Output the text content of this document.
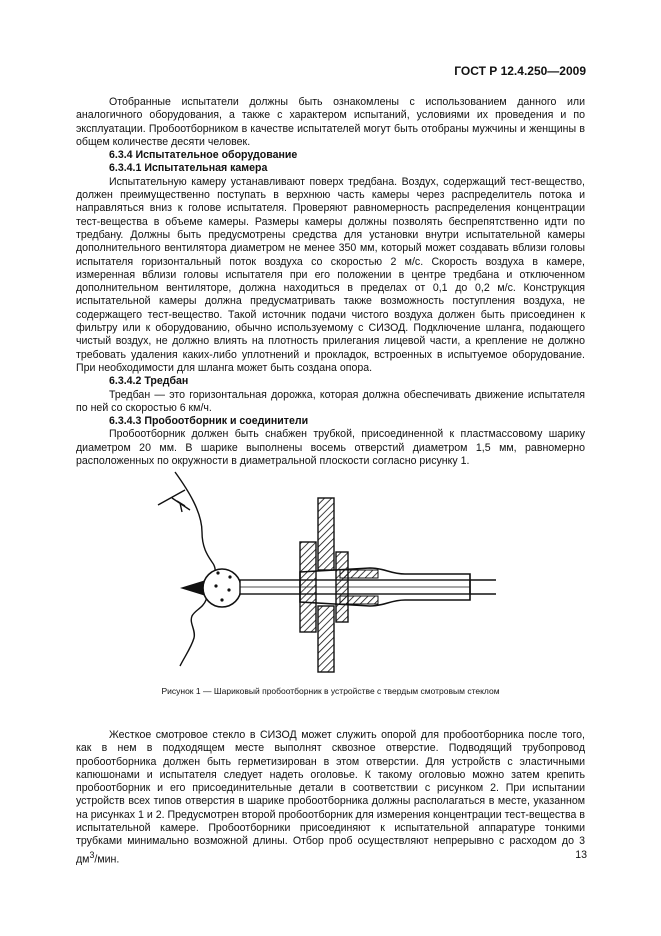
ГОСТ Р 12.4.250—2009

Отобранные испытатели должны быть ознакомлены с использованием данного или аналогичного оборудования, а также с характером испытаний, условиями их проведения и по эксплуатации. Пробоотборником в качестве испытателей могут быть отобраны мужчины и женщины в общем количестве десяти человек.

6.3.4 Испытательное оборудование

6.3.4.1 Испытательная камера

Испытательную камеру устанавливают поверх тредбана. Воздух, содержащий тест-вещество, должен преимущественно поступать в верхнюю часть камеры через распределитель потока и направляться вниз к голове испытателя. Проверяют равномерность распределения концентрации тест-вещества в объеме камеры. Размеры камеры должны позволять беспрепятственно идти по тредбану. Должны быть предусмотрены средства для установки внутри испытательной камеры дополнительного вентилятора диаметром не менее 350 мм, который может создавать вблизи головы испытателя горизонтальный поток воздуха со скоростью 2 м/с. Скорость воздуха в камере, измеренная вблизи головы испытателя при его положении в центре тредбана и отключенном дополнительном вентиляторе, должна находиться в пределах от 0,1 до 0,2 м/с. Конструкция испытательной камеры должна предусматривать также возможность поступления воздуха, не содержащего тест-вещество. Такой источник подачи чистого воздуха должен быть присоединен к фильтру или к оборудованию, обычно используемому с СИЗОД. Подключение шланга, подающего чистый воздух, не должно влиять на плотность прилегания лицевой части, а крепление не должно требовать удаления каких-либо уплотнений и прокладок, встроенных в испытуемое оборудование. При необходимости для шланга может быть создана опора.

6.3.4.2 Тредбан

Тредбан — это горизонтальная дорожка, которая должна обеспечивать движение испытателя по ней со скоростью 6 км/ч.

6.3.4.3 Пробоотборник и соединители

Пробоотборник должен быть снабжен трубкой, присоединенной к пластмассовому шарику диаметром 20 мм. В шарике выполнены восемь отверстий диаметром 1,5 мм, равномерно расположенных по окружности в диаметральной плоскости согласно рисунку 1.

Рисунок 1 — Шариковый пробоотборник в устройстве с твердым смотровым стеклом

Жесткое смотровое стекло в СИЗОД может служить опорой для пробоотборника после того, как в нем в подходящем месте выполнят сквозное отверстие. Подводящий трубопровод пробоотборника должен быть герметизирован в этом отверстии. Для устройств с эластичными капюшонами и испытателя следует надеть оголовье. К такому оголовью можно затем крепить пробоотборник и его присоединительные детали в соответствии с рисунком 2. При испытании устройств всех типов отверстия в шарике пробоотборника должны располагаться в месте, указанном на рисунках 1 и 2. Предусмотрен второй пробоотборник для измерения концентрации тест-вещества в испытательной камере. Пробоотборники присоединяют к испытательной аппаратуре тонкими трубками минимально возможной длины. Отбор проб осуществляют непрерывно с расходом до 3 $дм^3$/мин.	13
